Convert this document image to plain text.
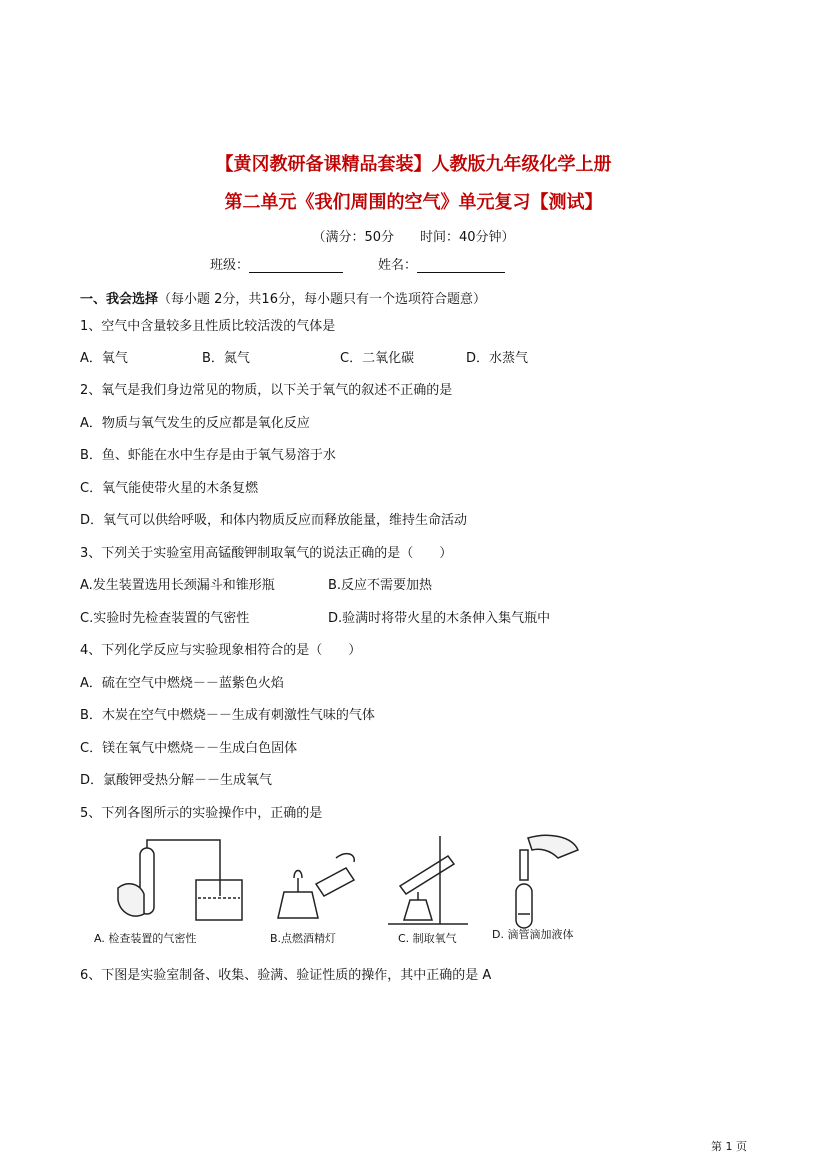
【黄冈教研备课精品套装】人教版九年级化学上册
第二单元《我们周围的空气》单元复习【测试】
（满分：50分　　时间：40分钟）
班级：	姓名：
一、我会选择（每小题 2分，共16分，每小题只有一个选项符合题意）
1、空气中含量较多且性质比较活泼的气体是
A．氧气	B．氮气	C．二氧化碳	D．水蒸气
2、氧气是我们身边常见的物质，以下关于氧气的叙述不正确的是
A．物质与氧气发生的反应都是氧化反应
B．鱼、虾能在水中生存是由于氧气易溶于水
C．氧气能使带火星的木条复燃
D．氧气可以供给呼吸，和体内物质反应而释放能量，维持生命活动
3、下列关于实验室用高锰酸钾制取氧气的说法正确的是（　　）
A.发生装置选用长颈漏斗和锥形瓶	B.反应不需要加热
C.实验时先检查装置的气密性	D.验满时将带火星的木条伸入集气瓶中
4、下列化学反应与实验现象相符合的是（　　）
A．硫在空气中燃烧－－蓝紫色火焰
B．木炭在空气中燃烧－－生成有刺激性气味的气体
C．镁在氧气中燃烧－－生成白色固体
D．氯酸钾受热分解－－生成氧气
5、下列各图所示的实验操作中，正确的是
A. 检查装置的气密性	B.点燃酒精灯	C. 制取氧气	D. 滴管滴加液体
6、下图是实验室制备、收集、验满、验证性质的操作，其中正确的是 A
第 1 页
